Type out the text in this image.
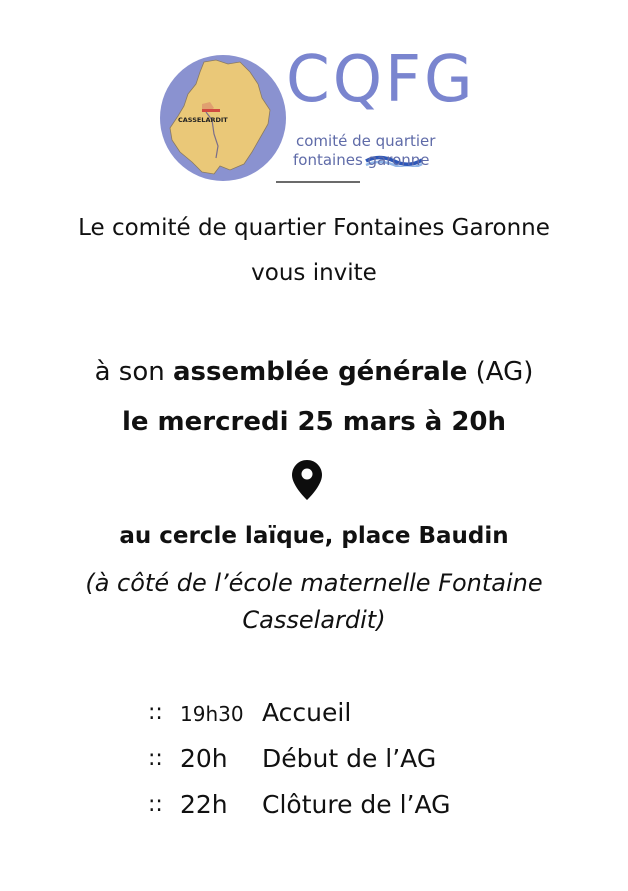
CASSELARDIT
CQFG
comité de quartier
fontaines garonne
Le comité de quartier Fontaines Garonne
vous invite
à son assemblée générale (AG)
le mercredi 25 mars à 20h
au cercle laïque, place Baudin
(à côté de l’école maternelle Fontaine
Casselardit)
:: 19h30 Accueil
:: 20h Début de l’AG
:: 22h Clôture de l’AG
